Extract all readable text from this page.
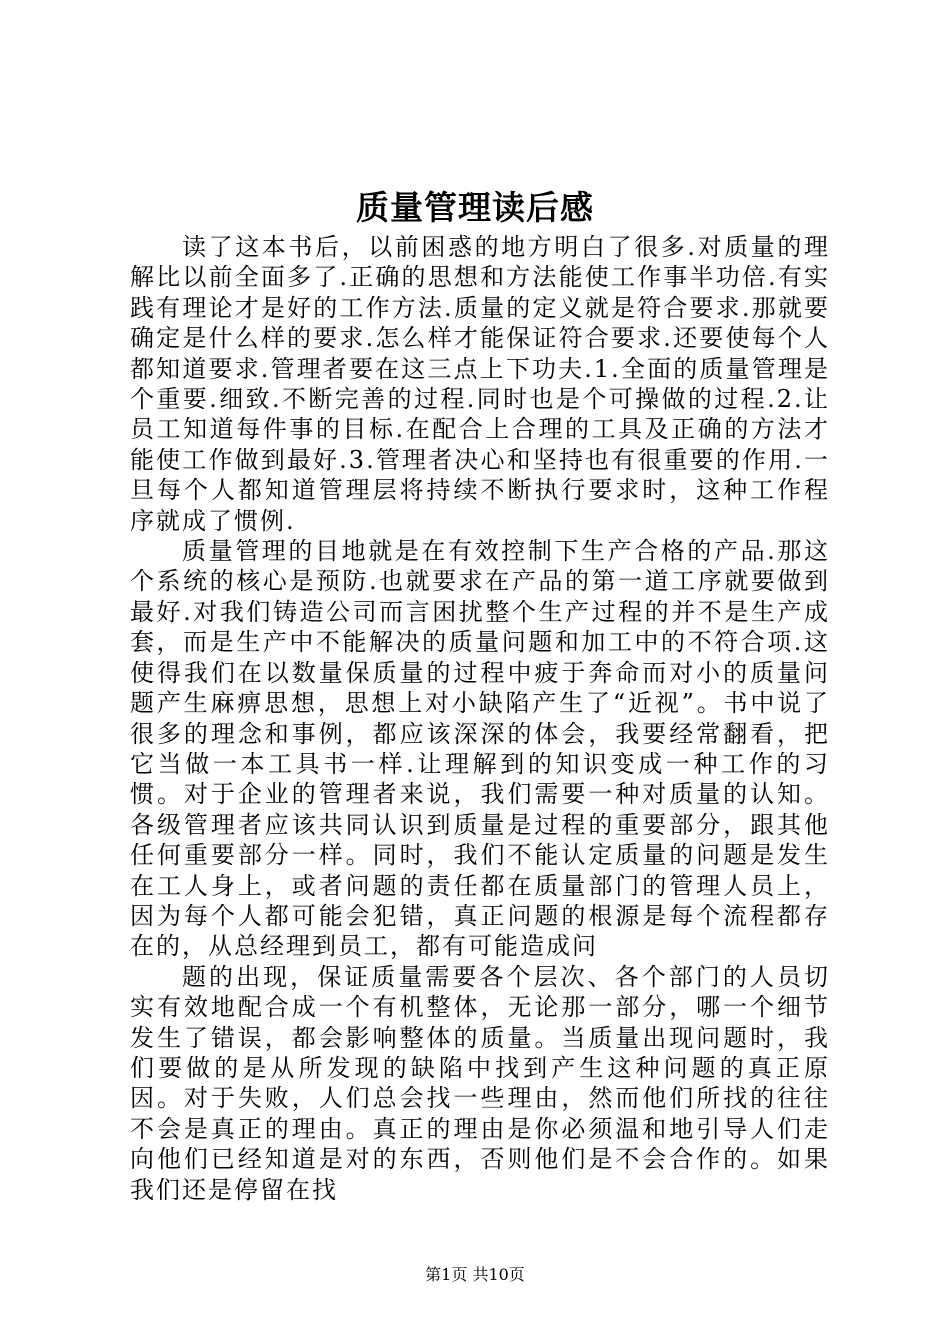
质量管理读后感

读了这本书后，以前困惑的地方明白了很多.对质量的理解比以前全面多了.正确的思想和方法能使工作事半功倍.有实践有理论才是好的工作方法.质量的定义就是符合要求.那就要确定是什么样的要求.怎么样才能保证符合要求.还要使每个人都知道要求.管理者要在这三点上下功夫.1.全面的质量管理是个重要.细致.不断完善的过程.同时也是个可操做的过程.2.让员工知道每件事的目标.在配合上合理的工具及正确的方法才能使工作做到最好.3.管理者决心和坚持也有很重要的作用.一旦每个人都知道管理层将持续不断执行要求时，这种工作程序就成了惯例.

质量管理的目地就是在有效控制下生产合格的产品.那这个系统的核心是预防.也就要求在产品的第一道工序就要做到最好.对我们铸造公司而言困扰整个生产过程的并不是生产成套，而是生产中不能解决的质量问题和加工中的不符合项.这使得我们在以数量保质量的过程中疲于奔命而对小的质量问题产生麻痹思想，思想上对小缺陷产生了“近视”。书中说了很多的理念和事例，都应该深深的体会，我要经常翻看，把它当做一本工具书一样.让理解到的知识变成一种工作的习惯。对于企业的管理者来说，我们需要一种对质量的认知。各级管理者应该共同认识到质量是过程的重要部分，跟其他任何重要部分一样。同时，我们不能认定质量的问题是发生在工人身上，或者问题的责任都在质量部门的管理人员上，因为每个人都可能会犯错，真正问题的根源是每个流程都存在的，从总经理到员工，都有可能造成问

题的出现，保证质量需要各个层次、各个部门的人员切实有效地配合成一个有机整体，无论那一部分，哪一个细节发生了错误，都会影响整体的质量。当质量出现问题时，我们要做的是从所发现的缺陷中找到产生这种问题的真正原因。对于失败，人们总会找一些理由，然而他们所找的往往不会是真正的理由。真正的理由是你必须温和地引导人们走向他们已经知道是对的东西，否则他们是不会合作的。如果我们还是停留在找

第1页 共10页
